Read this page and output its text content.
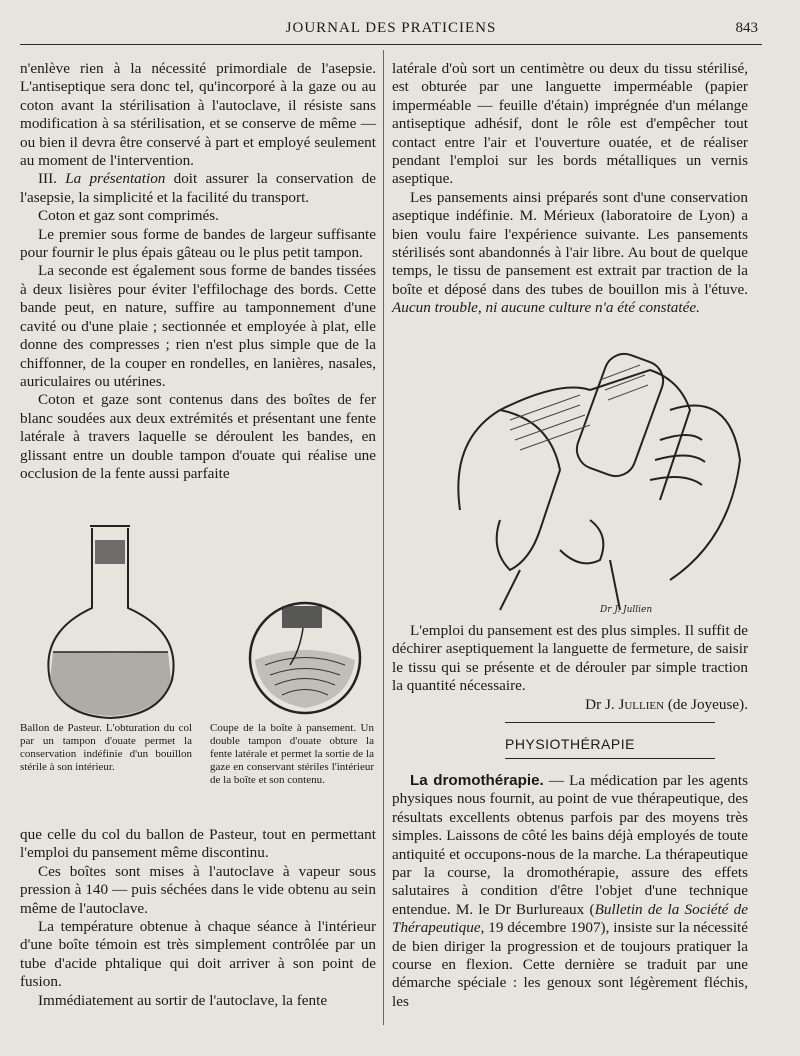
JOURNAL DES PRATICIENS	843

n'enlève rien à la nécessité primordiale de l'asepsie. L'antiseptique sera donc tel, qu'incorporé à la gaze ou au coton avant la stérilisation à l'autoclave, il résiste sans modification à sa stérilisation, et se conserve de même — ou bien il devra être conservé à part et employé seulement au moment de l'intervention.

III. La présentation doit assurer la conservation de l'asepsie, la simplicité et la facilité du transport.

Coton et gaz sont comprimés.

Le premier sous forme de bandes de largeur suffisante pour fournir le plus épais gâteau ou le plus petit tampon.

La seconde est également sous forme de bandes tissées à deux lisières pour éviter l'effilochage des bords. Cette bande peut, en nature, suffire au tamponnement d'une cavité ou d'une plaie ; sectionnée et employée à plat, elle donne des compresses ; rien n'est plus simple que de la chiffonner, de la couper en rondelles, en lanières, nasales, auriculaires ou utérines.

Coton et gaze sont contenus dans des boîtes de fer blanc soudées aux deux extrémités et présentant une fente latérale à travers laquelle se déroulent les bandes, en glissant entre un double tampon d'ouate qui réalise une occlusion de la fente aussi parfaite

Ballon de Pasteur. L'obturation du col par un tampon d'ouate permet la conservation indéfinie d'un bouillon stérile à son intérieur.
Coupe de la boîte à pansement. Un double tampon d'ouate obture la fente latérale et permet la sortie de la gaze en conservant stériles l'intérieur de la boîte et son contenu.

que celle du col du ballon de Pasteur, tout en permettant l'emploi du pansement même discontinu.

Ces boîtes sont mises à l'autoclave à vapeur sous pression à 140 — puis séchées dans le vide obtenu au sein même de l'autoclave.

La température obtenue à chaque séance à l'intérieur d'une boîte témoin est très simplement contrôlée par un tube d'acide phtalique qui doit arriver à son point de fusion.

Immédiatement au sortir de l'autoclave, la fente

latérale d'où sort un centimètre ou deux du tissu stérilisé, est obturée par une languette imperméable (papier imperméable — feuille d'étain) imprégnée d'un mélange antiseptique adhésif, dont le rôle est d'empêcher tout contact entre l'air et l'ouverture ouatée, et de réaliser pendant l'emploi sur les bords métalliques un vernis aseptique.

Les pansements ainsi préparés sont d'une conservation aseptique indéfinie. M. Mérieux (laboratoire de Lyon) a bien voulu faire l'expérience suivante. Les pansements stérilisés sont abandonnés à l'air libre. Au bout de quelque temps, le tissu de pansement est extrait par traction de la boîte et déposé dans des tubes de bouillon mis à l'étuve. Aucun trouble, ni aucune culture n'a été constatée.

Dr J. Jullien

L'emploi du pansement est des plus simples. Il suffit de déchirer aseptiquement la languette de fermeture, de saisir le tissu qui se présente et de dérouler par simple traction la quantité nécessaire.

Dr J. Jullien (de Joyeuse).

PHYSIOTHÉRAPIE

La dromothérapie. — La médication par les agents physiques nous fournit, au point de vue thérapeutique, des résultats excellents obtenus parfois par des moyens très simples. Laissons de côté les bains déjà employés de toute antiquité et occupons-nous de la marche. La thérapeutique par la course, la dromothérapie, assure des effets salutaires à condition d'être l'objet d'une technique entendue. M. le Dr Burlureaux (Bulletin de la Société de Thérapeutique, 19 décembre 1907), insiste sur la nécessité de bien diriger la progression et de toujours pratiquer la course en flexion. Cette dernière se traduit par une démarche spéciale : les genoux sont légèrement fléchis, les
